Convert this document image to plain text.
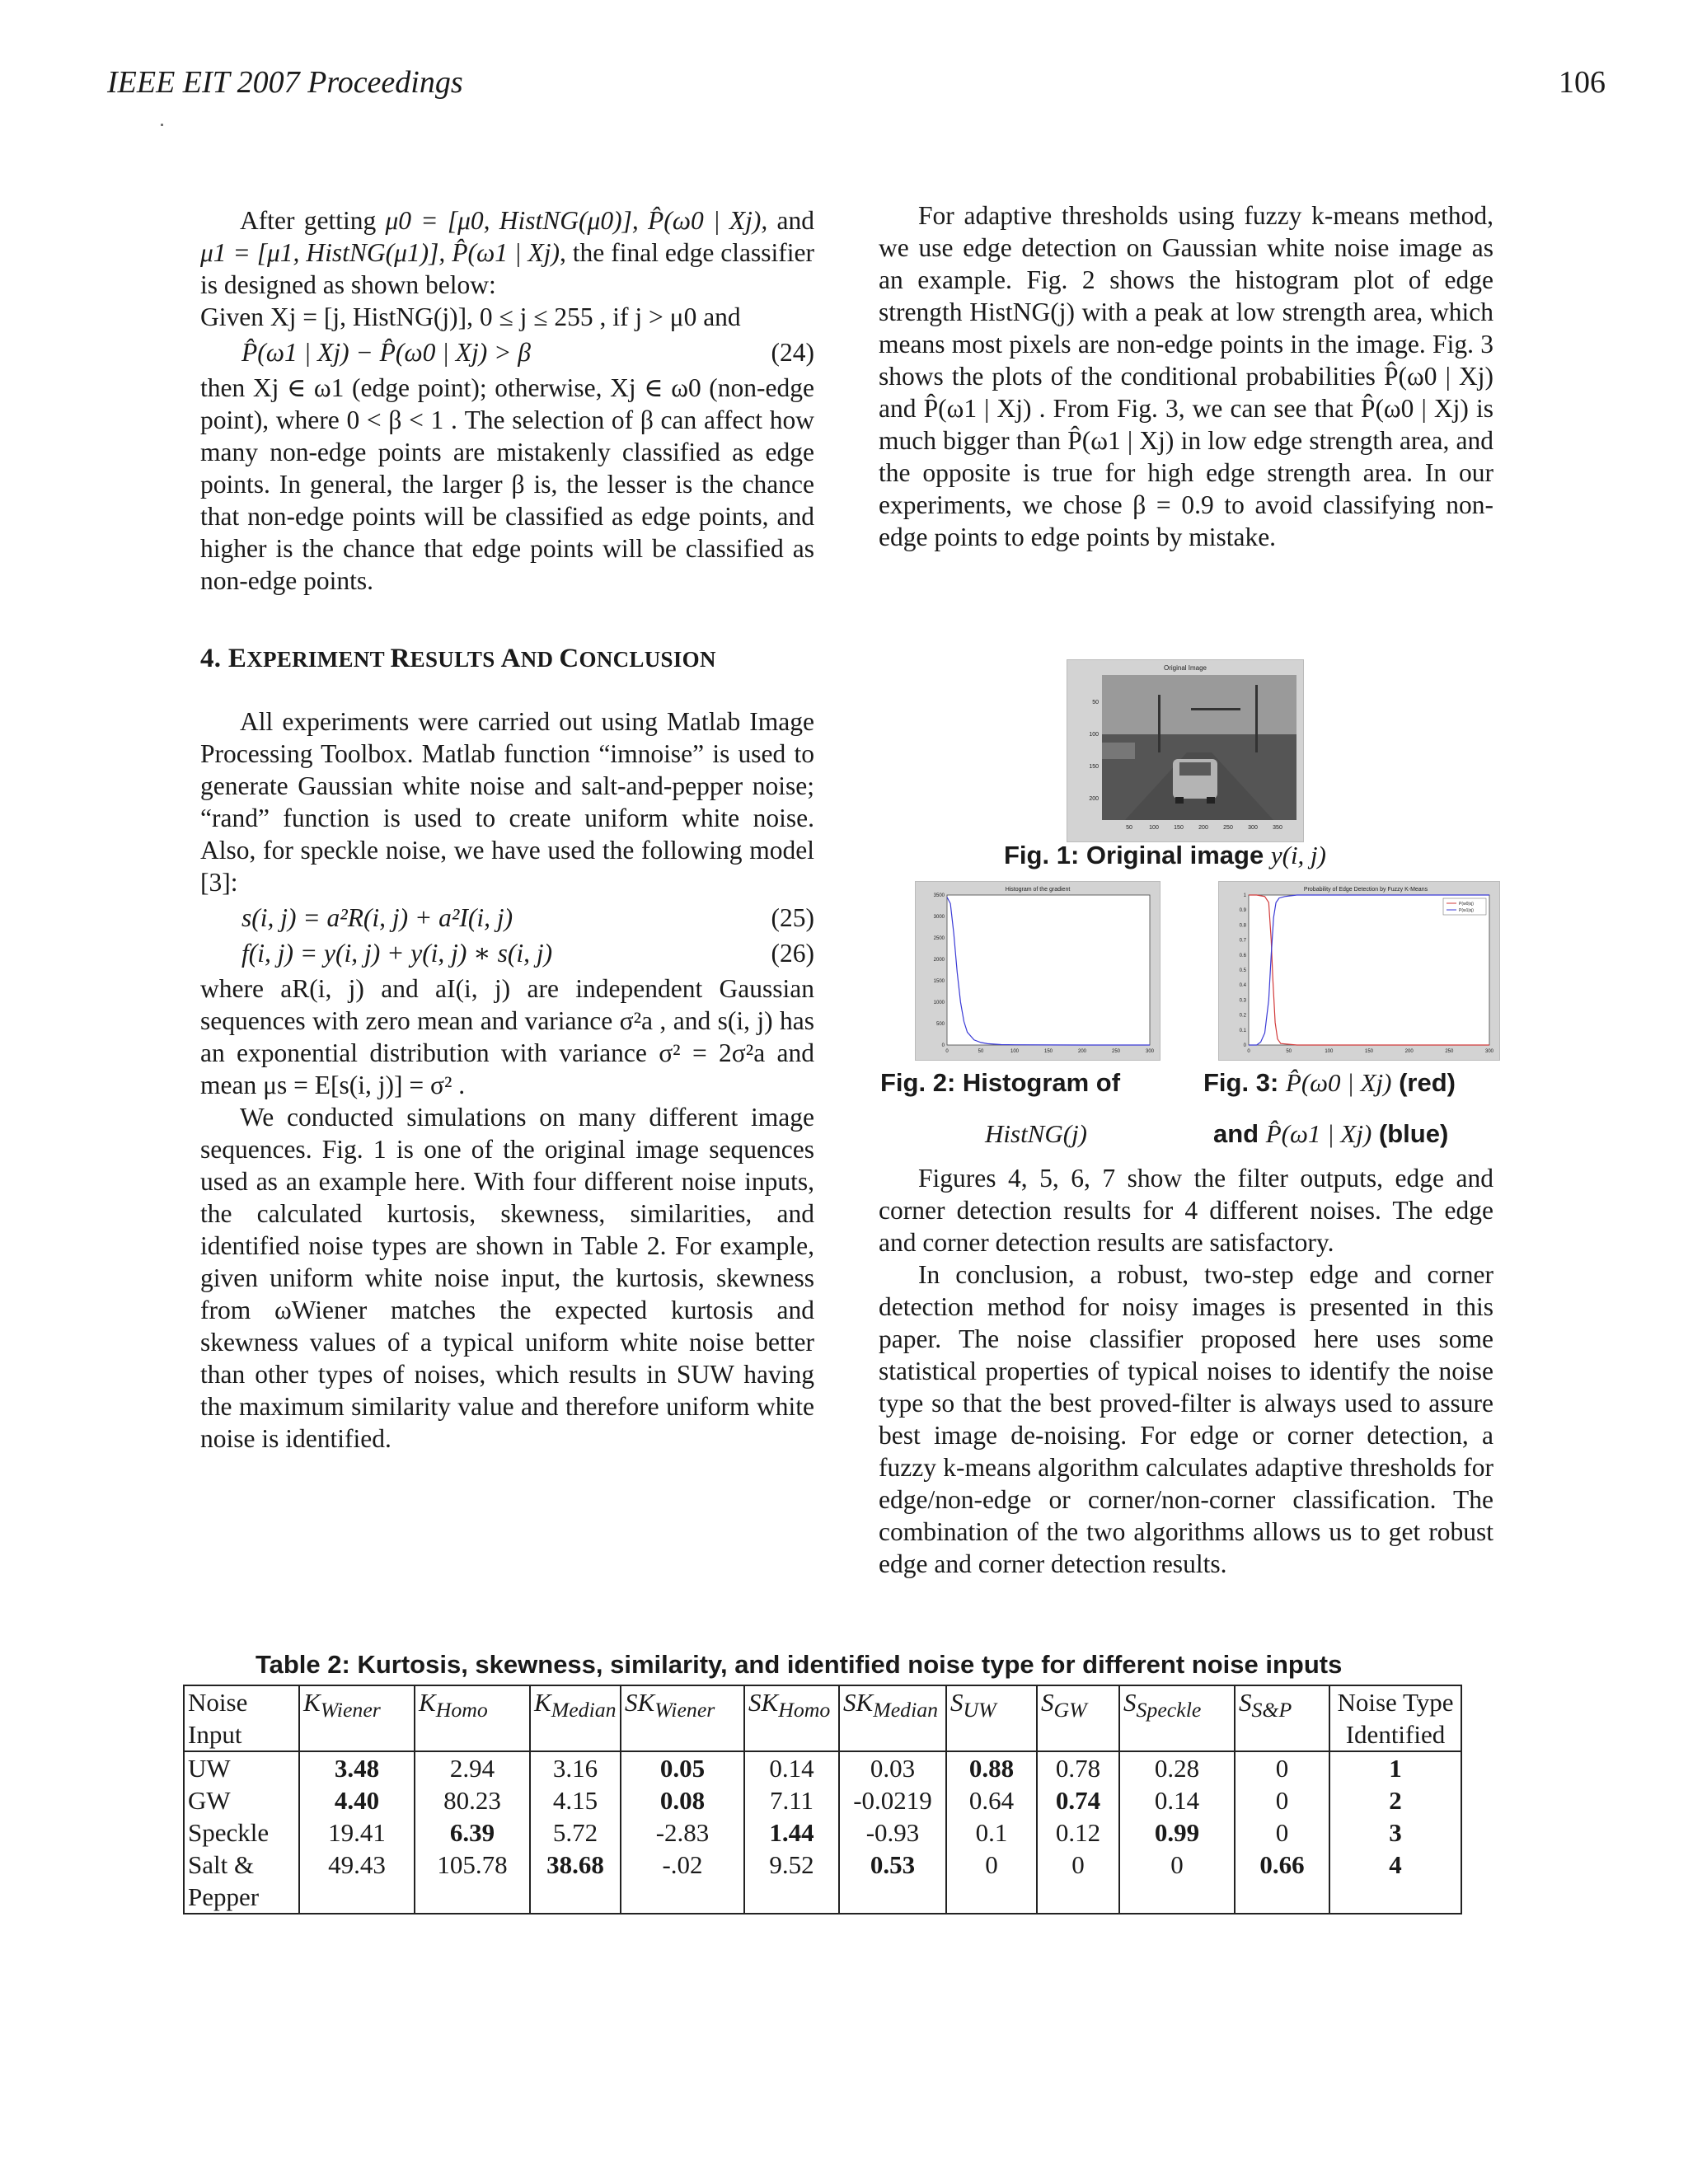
IEEE EIT 2007 Proceedings	106

After getting μ0 = [μ0, HistNG(μ0)], P̂(ω0 | Xj), and μ1 = [μ1, HistNG(μ1)], P̂(ω1 | Xj), the final edge classifier is designed as shown below:

Given Xj = [j, HistNG(j)], 0 ≤ j ≤ 255 , if j > μ0 and

P̂(ω1 | Xj) − P̂(ω0 | Xj) > β	(24)

then Xj ∈ ω1 (edge point); otherwise, Xj ∈ ω0 (non-edge point), where 0 < β < 1 . The selection of β can affect how many non-edge points are mistakenly classified as edge points. In general, the larger β is, the lesser is the chance that non-edge points will be classified as edge points, and higher is the chance that edge points will be classified as non-edge points.

4. EXPERIMENT RESULTS AND CONCLUSION

All experiments were carried out using Matlab Image Processing Toolbox. Matlab function “imnoise” is used to generate Gaussian white noise and salt-and-pepper noise; “rand” function is used to create uniform white noise. Also, for speckle noise, we have used the following model [3]:

s(i, j) = a²R(i, j) + a²I(i, j)	(25)
f(i, j) = y(i, j) + y(i, j) ∗ s(i, j)	(26)

where aR(i, j) and aI(i, j) are independent Gaussian sequences with zero mean and variance σ²a , and s(i, j) has an exponential distribution with variance σ² = 2σ²a and mean μs = E[s(i, j)] = σ² .

We conducted simulations on many different image sequences. Fig. 1 is one of the original image sequences used as an example here. With four different noise inputs, the calculated kurtosis, skewness, similarities, and identified noise types are shown in Table 2. For example, given uniform white noise input, the kurtosis, skewness from ωWiener matches the expected kurtosis and skewness values of a typical uniform white noise better than other types of noises, which results in SUW having the maximum similarity value and therefore uniform white noise is identified.

For adaptive thresholds using fuzzy k-means method, we use edge detection on Gaussian white noise image as an example. Fig. 2 shows the histogram plot of edge strength HistNG(j) with a peak at low strength area, which means most pixels are non-edge points in the image. Fig. 3 shows the plots of the conditional probabilities P̂(ω0 | Xj) and P̂(ω1 | Xj) . From Fig. 3, we can see that P̂(ω0 | Xj) is much bigger than P̂(ω1 | Xj) in low edge strength area, and the opposite is true for high edge strength area. In our experiments, we chose β = 0.9 to avoid classifying non-edge points to edge points by mistake.

Figures 4, 5, 6, 7 show the filter outputs, edge and corner detection results for 4 different noises. The edge and corner detection results are satisfactory.

In conclusion, a robust, two-step edge and corner detection method for noisy images is presented in this paper. The noise classifier proposed here uses some statistical properties of typical noises to identify the noise type so that the best proved-filter is always used to assure best image de-noising. For edge or corner detection, a fuzzy k-means algorithm calculates adaptive thresholds for edge/non-edge or corner/non-corner classification. The combination of the two algorithms allows us to get robust edge and corner detection results.

Original Image
50
100
150
200
50	100	150	200	250	300	350
Fig. 1: Original image y(i, j)
Histogram of the gradient
3500
3000
2500
2000
1500
1000
500
0
0	50	100	150	200	250	300
Fig. 2: Histogram of
HistNG(j)
Probability of Edge Detection by Fuzzy K-Means
1
0.9
0.8
0.7
0.6
0.5
0.4
0.3
0.2
0.1
0
0	50	100	150	200	250	300
P(w0|xj)
P(w1|xj)
Fig. 3: P̂(ω0 | Xj) (red)
and P̂(ω1 | Xj) (blue)
Table 2: Kurtosis, skewness, similarity, and identified noise type for different noise inputs
Noise Input	$K_{Wiener}$	$K_{Homo}$	$K_{Median}$	$SK_{Wiener}$	$SK_{Homo}$	$SK_{Median}$	$S_{UW}$	$S_{GW}$	$S_{Speckle}$	$S_{S\&P}$	Noise Type Identified
UW	3.48	2.94	3.16	0.05	0.14	0.03	0.88	0.78	0.28	0	1
GW	4.40	80.23	4.15	0.08	7.11	-0.0219	0.64	0.74	0.14	0	2
Speckle	19.41	6.39	5.72	-2.83	1.44	-0.93	0.1	0.12	0.99	0	3
Salt & Pepper	49.43	105.78	38.68	-.02	9.52	0.53	0	0	0	0.66	4
